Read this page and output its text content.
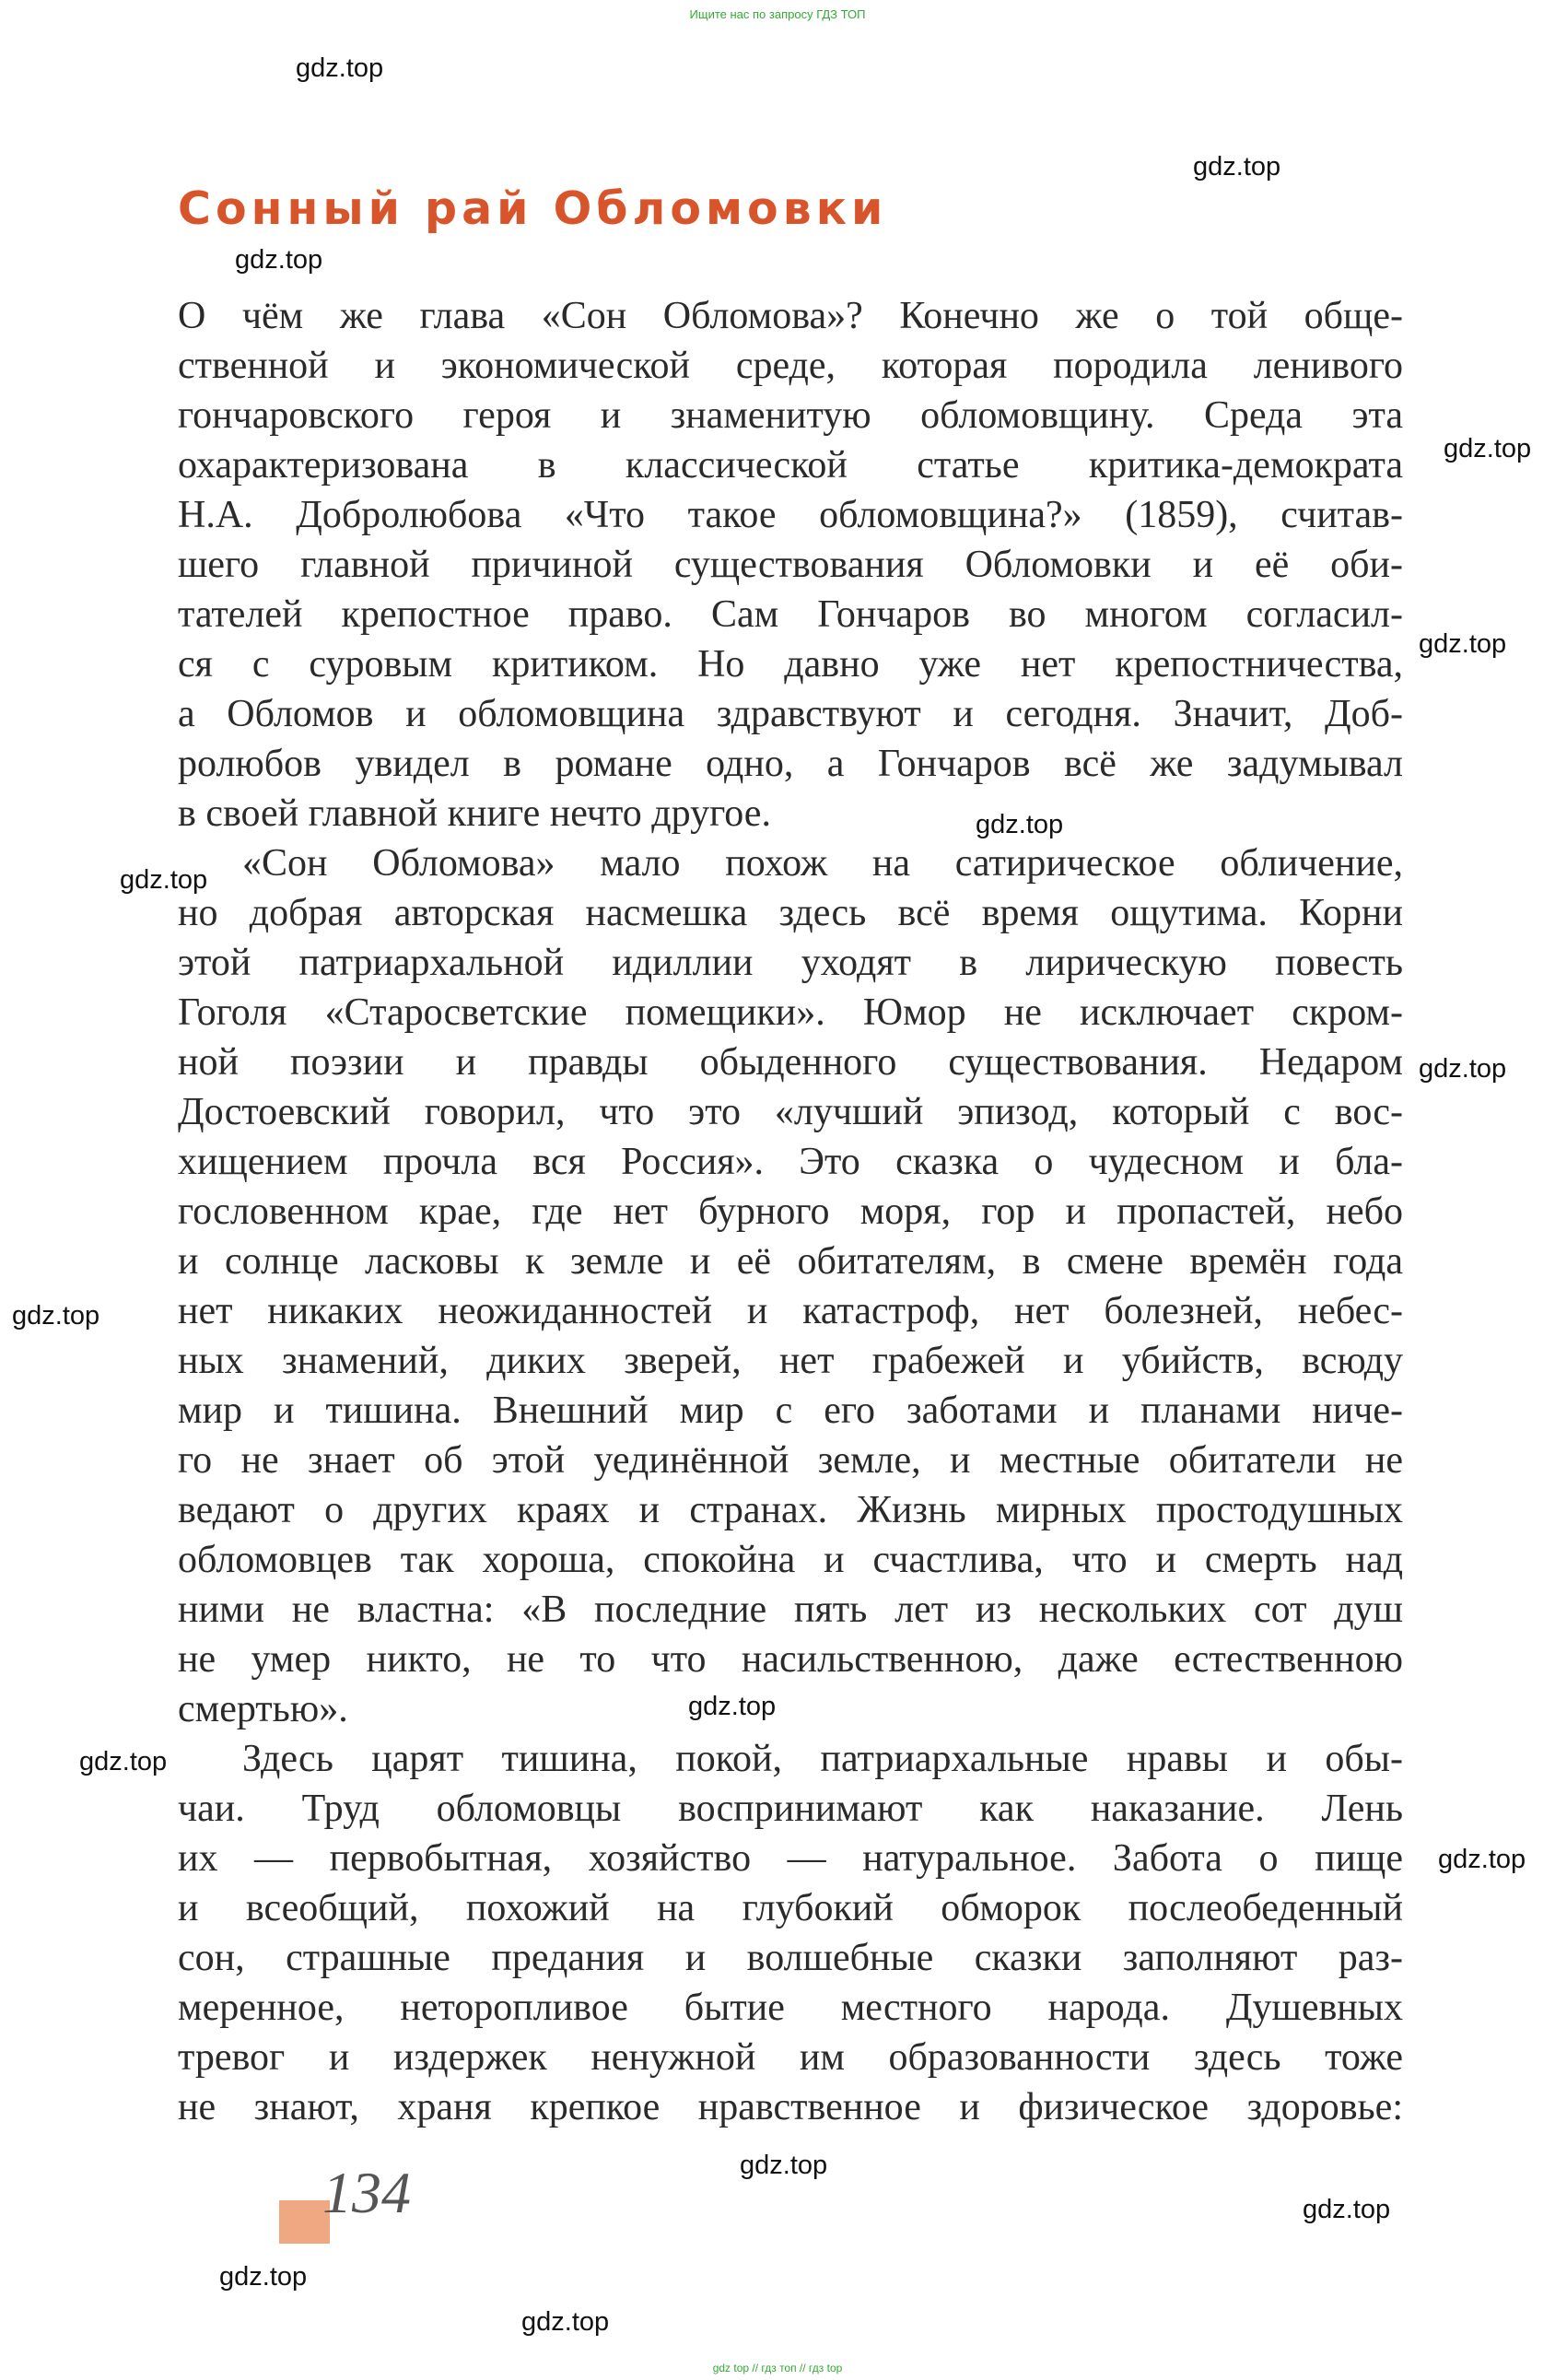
Ищите нас по запросу ГДЗ ТОП
Сонный рай Обломовки
О чём же глава «Сон Обломова»? Конечно же о той обще-
ственной и экономической среде, которая породила ленивого
гончаровского героя и знаменитую обломовщину. Среда эта
охарактеризована в классической статье критика-демократа
Н.А. Добролюбова «Что такое обломовщина?» (1859), считав-
шего главной причиной существования Обломовки и её оби-
тателей крепостное право. Сам Гончаров во многом согласил-
ся с суровым критиком. Но давно уже нет крепостничества,
а Обломов и обломовщина здравствуют и сегодня. Значит, Доб-
ролюбов увидел в романе одно, а Гончаров всё же задумывал
в своей главной книге нечто другое.
«Сон Обломова» мало похож на сатирическое обличение,
но добрая авторская насмешка здесь всё время ощутима. Корни
этой патриархальной идиллии уходят в лирическую повесть
Гоголя «Старосветские помещики». Юмор не исключает скром-
ной поэзии и правды обыденного существования. Недаром
Достоевский говорил, что это «лучший эпизод, который с вос-
хищением прочла вся Россия». Это сказка о чудесном и бла-
гословенном крае, где нет бурного моря, гор и пропастей, небо
и солнце ласковы к земле и её обитателям, в смене времён года
нет никаких неожиданностей и катастроф, нет болезней, небес-
ных знамений, диких зверей, нет грабежей и убийств, всюду
мир и тишина. Внешний мир с его заботами и планами ниче-
го не знает об этой уединённой земле, и местные обитатели не
ведают о других краях и странах. Жизнь мирных простодушных
обломовцев так хороша, спокойна и счастлива, что и смерть над
ними не властна: «В последние пять лет из нескольких сот душ
не умер никто, не то что насильственною, даже естественною
смертью».
Здесь царят тишина, покой, патриархальные нравы и обы-
чаи. Труд обломовцы воспринимают как наказание. Лень
их — первобытная, хозяйство — натуральное. Забота о пище
и всеобщий, похожий на глубокий обморок послеобеденный
сон, страшные предания и волшебные сказки заполняют раз-
меренное, неторопливое бытие местного народа. Душевных
тревог и издержек ненужной им образованности здесь тоже
не знают, храня крепкое нравственное и физическое здоровье:
gdz.top
gdz.top
gdz.top
gdz.top
gdz.top
gdz.top
gdz.top
gdz.top
gdz.top
gdz.top
gdz.top
gdz.top
gdz.top
gdz.top
gdz.top
gdz.top
134
gdz top // гдз топ // гдз top
